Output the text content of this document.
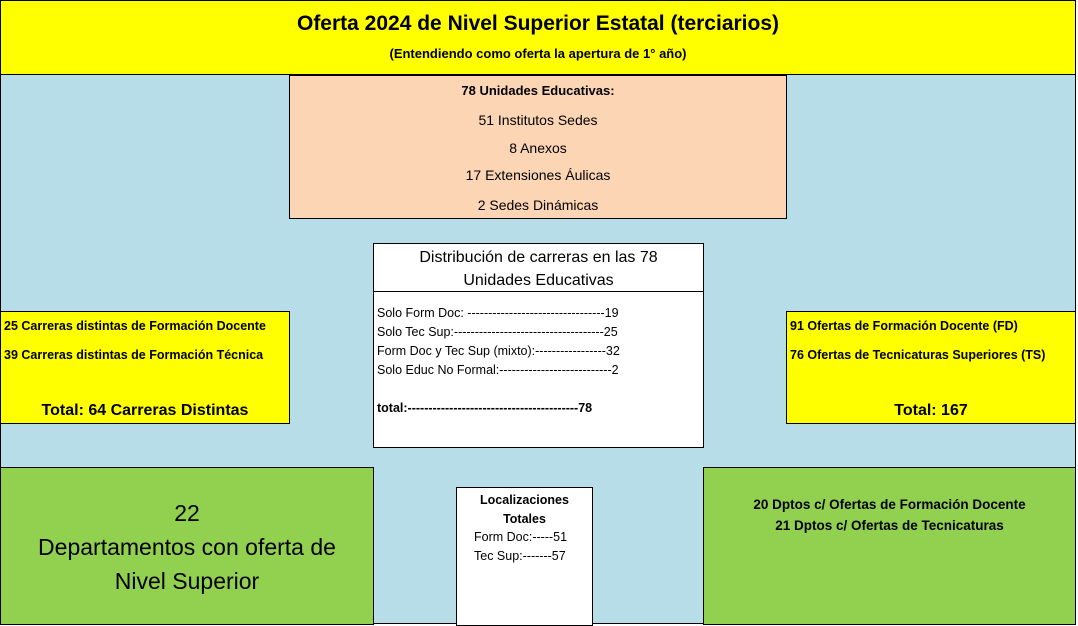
Oferta 2024 de Nivel Superior Estatal (terciarios)
(Entendiendo como oferta la apertura de 1° año)
78 Unidades Educativas:
51 Institutos Sedes
8 Anexos
17 Extensiones Áulicas
2 Sedes Dinámicas
Distribución de carreras en las 78
Unidades Educativas
Solo Form Doc: ---------------------------------19
Solo Tec Sup:------------------------------------25
Form Doc y Tec Sup (mixto):-----------------32
Solo Educ No Formal:---------------------------2
total:-----------------------------------------78
25 Carreras distintas de Formación Docente
39 Carreras distintas de Formación Técnica
Total: 64 Carreras Distintas
91 Ofertas de Formación Docente (FD)
76 Ofertas de Tecnicaturas Superiores (TS)
Total: 167
22
Departamentos con oferta de
Nivel Superior
20 Dptos c/ Ofertas de Formación Docente
21 Dptos c/ Ofertas de Tecnicaturas
Localizaciones
Totales
Form Doc:-----51
Tec Sup:-------57
